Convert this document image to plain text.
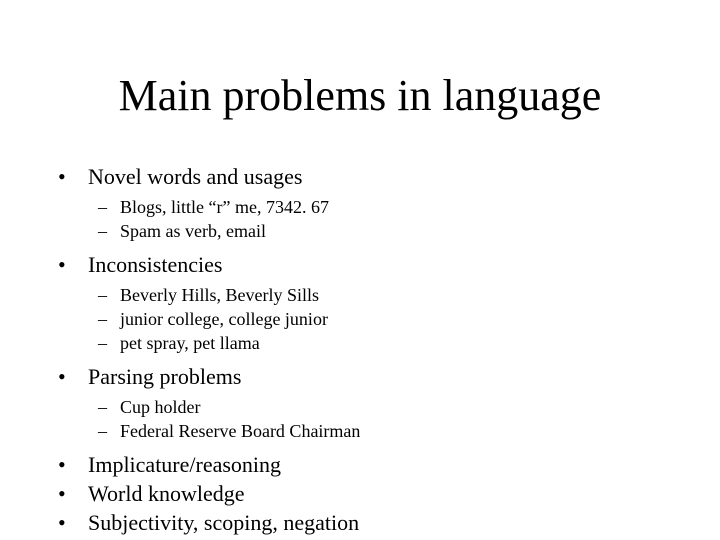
Main problems in language
•	Novel words and usages
– Blogs, little “r” me, 7342. 67
– Spam as verb, email
•	Inconsistencies
– Beverly Hills, Beverly Sills
– junior college, college junior
– pet spray, pet llama
•	Parsing problems
– Cup holder
– Federal Reserve Board Chairman
•	Implicature/reasoning
•	World knowledge
•	Subjectivity, scoping, negation
